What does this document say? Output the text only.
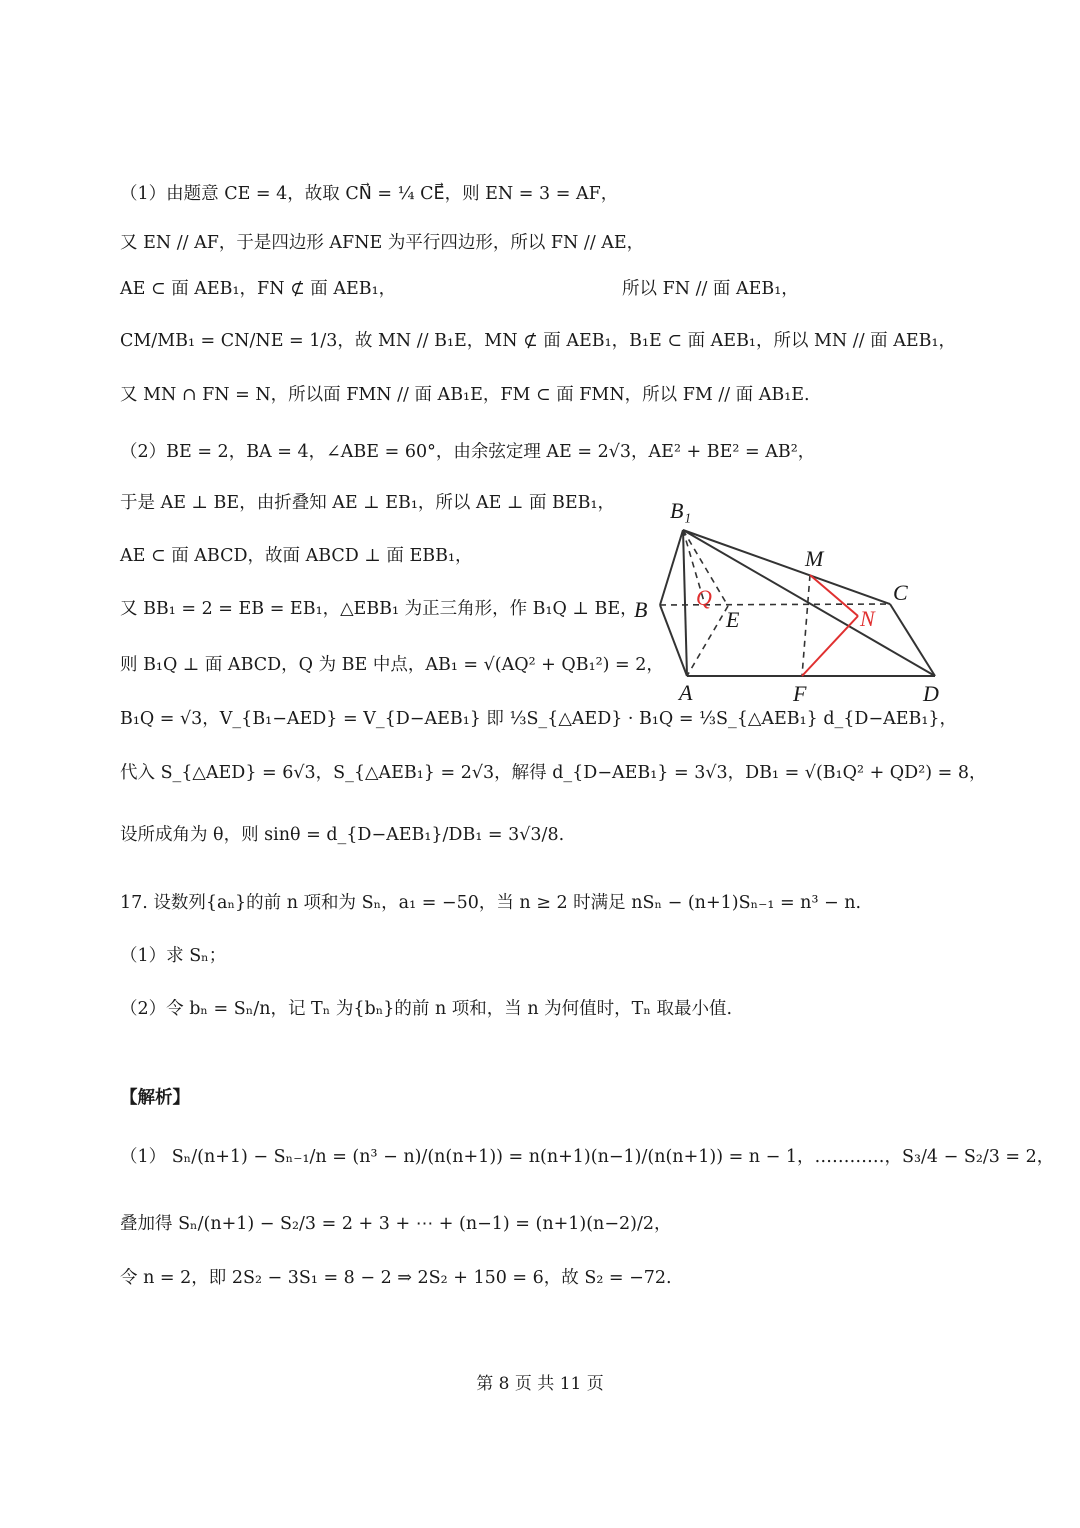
（1）由题意 CE = 4，故取 CN⃗ = ¼ CE⃗，则 EN = 3 = AF，
又 EN // AF，于是四边形 AFNE 为平行四边形，所以 FN // AE，
AE ⊂ 面 AEB₁，FN ⊄ 面 AEB₁，	所以 FN // 面 AEB₁，
CM/MB₁ = CN/NE = 1/3，故 MN // B₁E，MN ⊄ 面 AEB₁，B₁E ⊂ 面 AEB₁，所以 MN // 面 AEB₁，
又 MN ∩ FN = N，所以面 FMN // 面 AB₁E，FM ⊂ 面 FMN，所以 FM // 面 AB₁E.
（2）BE = 2，BA = 4，∠ABE = 60°，由余弦定理 AE = 2√3，AE² + BE² = AB²，
于是 AE ⊥ BE，由折叠知 AE ⊥ EB₁，所以 AE ⊥ 面 BEB₁，
AE ⊂ 面 ABCD，故面 ABCD ⊥ 面 EBB₁，
又 BB₁ = 2 = EB = EB₁，△EBB₁ 为正三角形，作 B₁Q ⊥ BE，
则 B₁Q ⊥ 面 ABCD，Q 为 BE 中点，AB₁ = √(AQ² + QB₁²) = 2，
B₁Q = √3，V_{B₁−AED} = V_{D−AEB₁} 即 ⅓S_{△AED} · B₁Q = ⅓S_{△AEB₁} d_{D−AEB₁}，
代入 S_{△AED} = 6√3，S_{△AEB₁} = 2√3，解得 d_{D−AEB₁} = 3√3，DB₁ = √(B₁Q² + QD²) = 8，
设所成角为 θ，则 sinθ = d_{D−AEB₁}/DB₁ = 3√3/8.
B₁
M
C
B Q
E	N
A	F	D
17. 设数列{aₙ}的前 n 项和为 Sₙ，a₁ = −50，当 n ≥ 2 时满足 nSₙ − (n+1)Sₙ₋₁ = n³ − n.
（1）求 Sₙ；
（2）令 bₙ = Sₙ/n，记 Tₙ 为{bₙ}的前 n 项和，当 n 为何值时，Tₙ 取最小值.
【解析】
（1） Sₙ/(n+1) − Sₙ₋₁/n = (n³ − n)/(n(n+1)) = n(n+1)(n−1)/(n(n+1)) = n − 1，…………，S₃/4 − S₂/3 = 2，
叠加得 Sₙ/(n+1) − S₂/3 = 2 + 3 + ⋯ + (n−1) = (n+1)(n−2)/2，
令 n = 2，即 2S₂ − 3S₁ = 8 − 2 ⇒ 2S₂ + 150 = 6，故 S₂ = −72.
第 8 页 共 11 页
